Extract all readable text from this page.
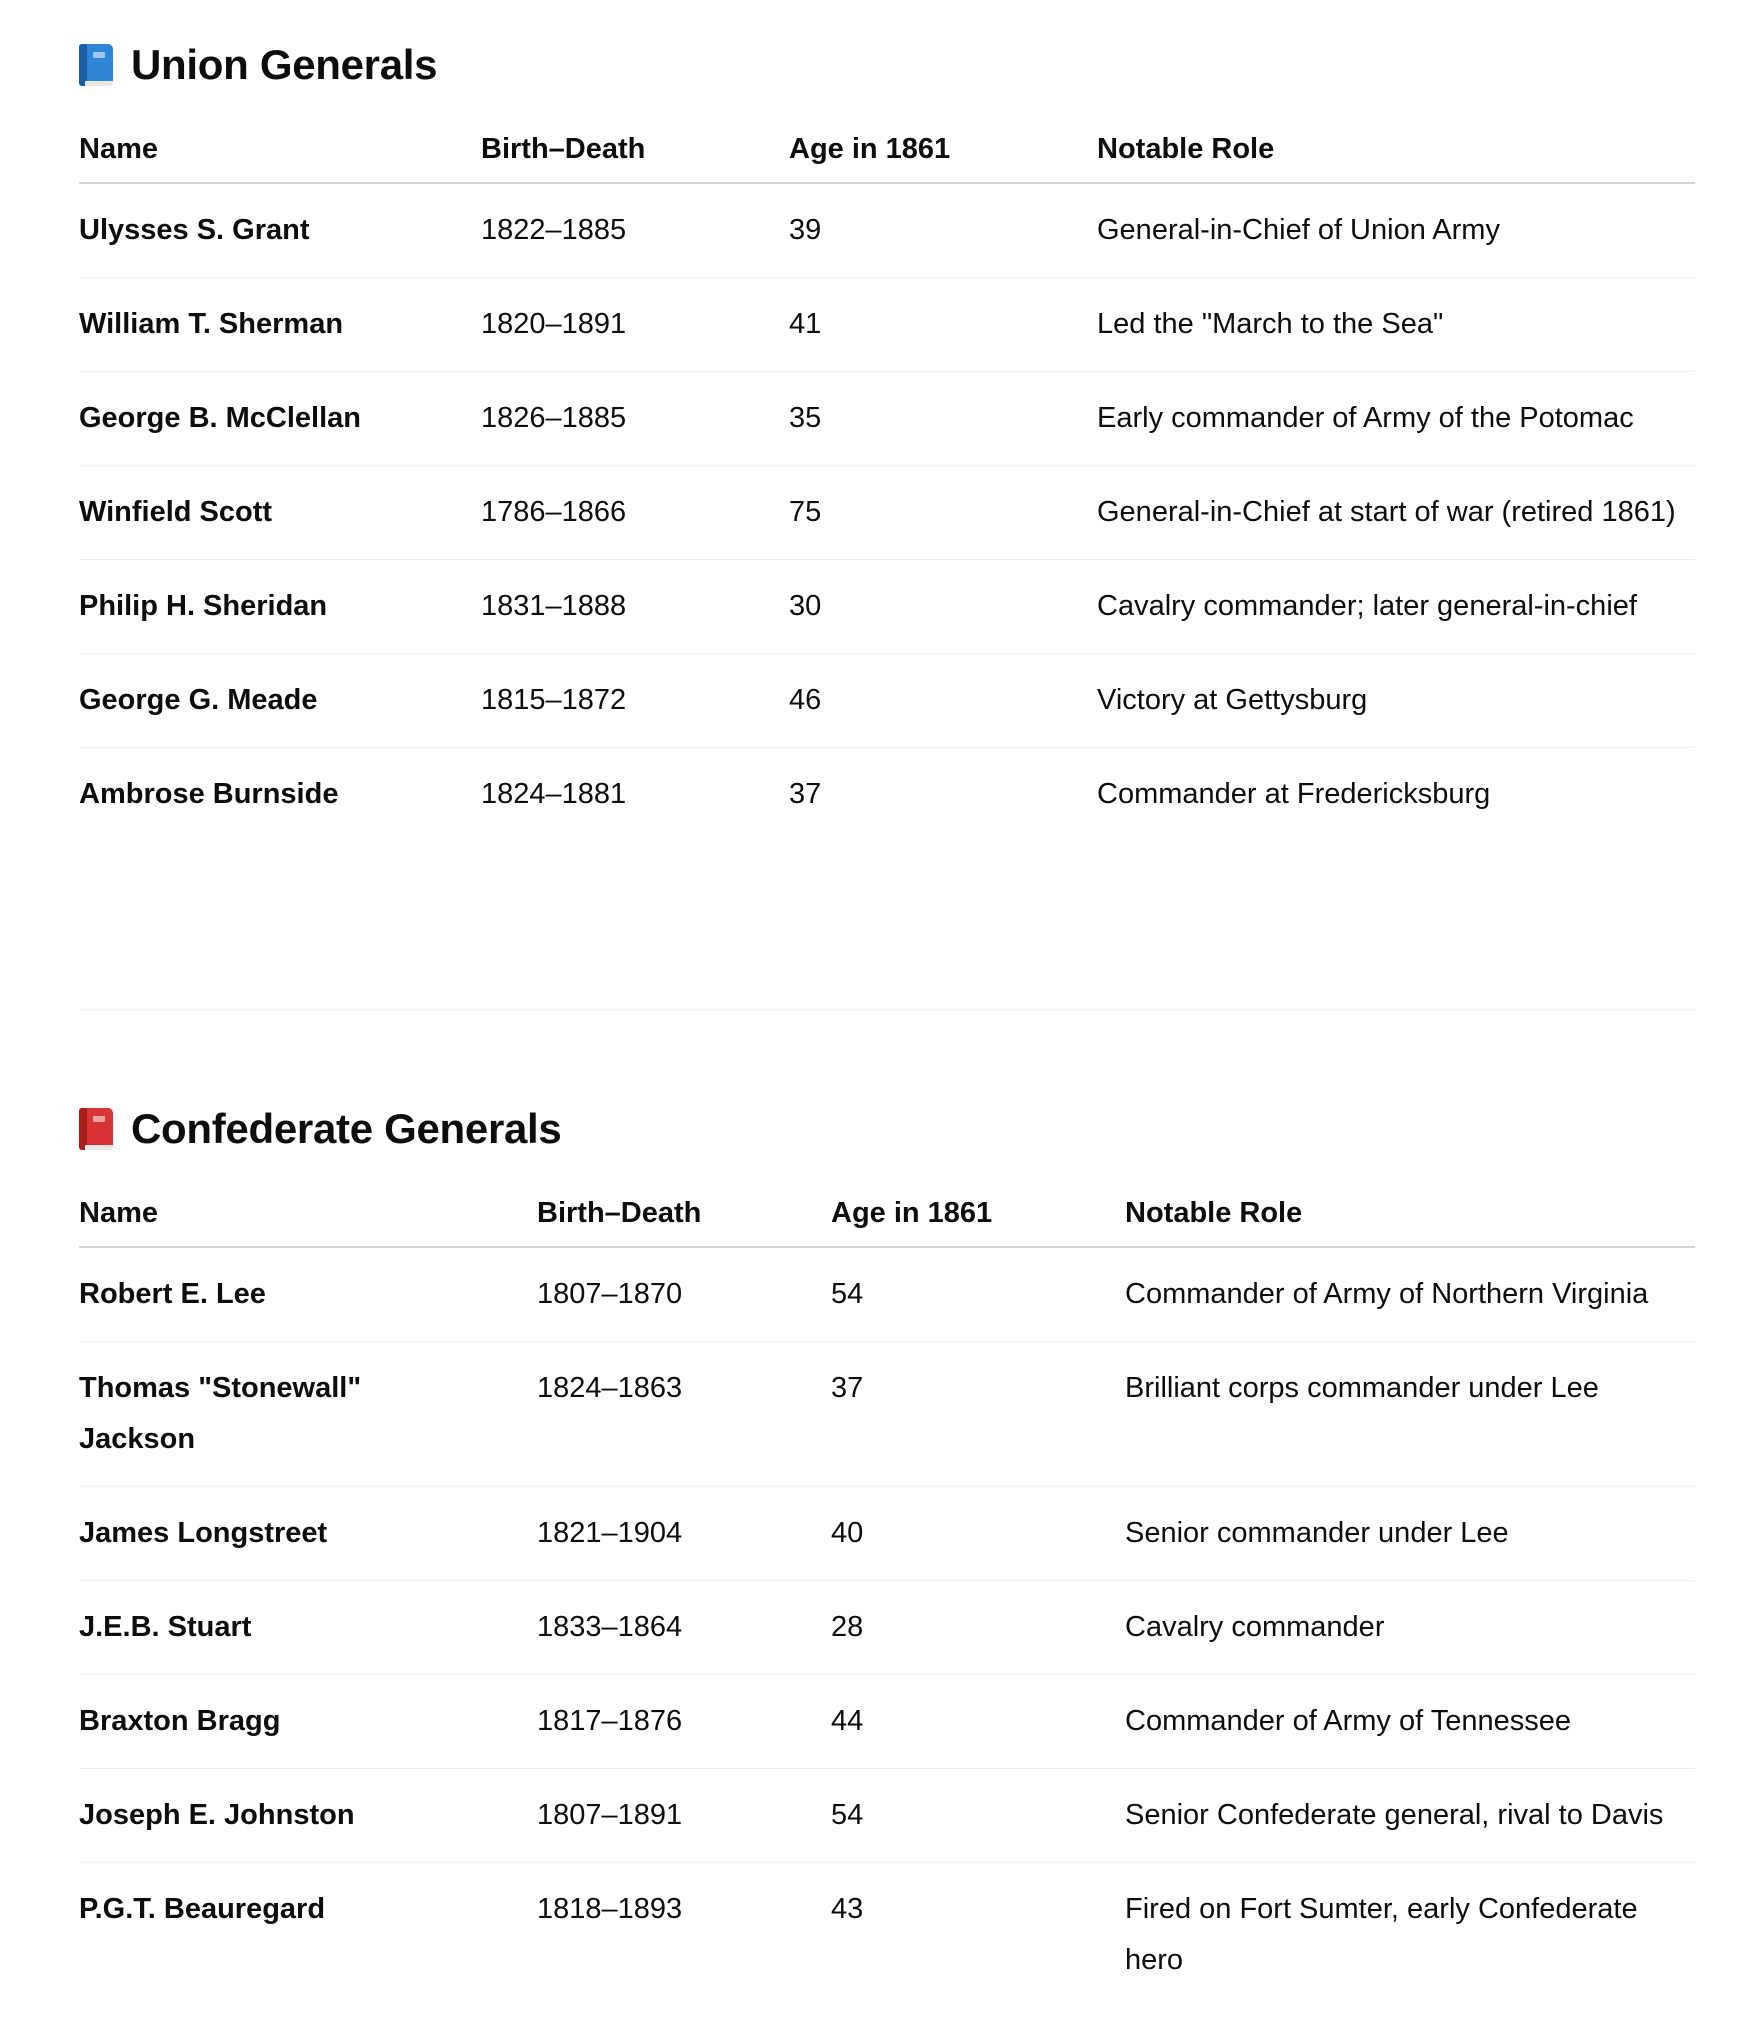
Union Generals
Name	Birth–Death	Age in 1861	Notable Role
Ulysses S. Grant	1822–1885	39	General-in-Chief of Union Army
William T. Sherman	1820–1891	41	Led the "March to the Sea"
George B. McClellan	1826–1885	35	Early commander of Army of the Potomac
Winfield Scott	1786–1866	75	General-in-Chief at start of war (retired 1861)
Philip H. Sheridan	1831–1888	30	Cavalry commander; later general-in-chief
George G. Meade	1815–1872	46	Victory at Gettysburg
Ambrose Burnside	1824–1881	37	Commander at Fredericksburg
Confederate Generals
Name	Birth–Death	Age in 1861	Notable Role
Robert E. Lee	1807–1870	54	Commander of Army of Northern Virginia
Thomas "Stonewall" Jackson	1824–1863	37	Brilliant corps commander under Lee
James Longstreet	1821–1904	40	Senior commander under Lee
J.E.B. Stuart	1833–1864	28	Cavalry commander
Braxton Bragg	1817–1876	44	Commander of Army of Tennessee
Joseph E. Johnston	1807–1891	54	Senior Confederate general, rival to Davis
P.G.T. Beauregard	1818–1893	43	Fired on Fort Sumter, early Confederate hero
